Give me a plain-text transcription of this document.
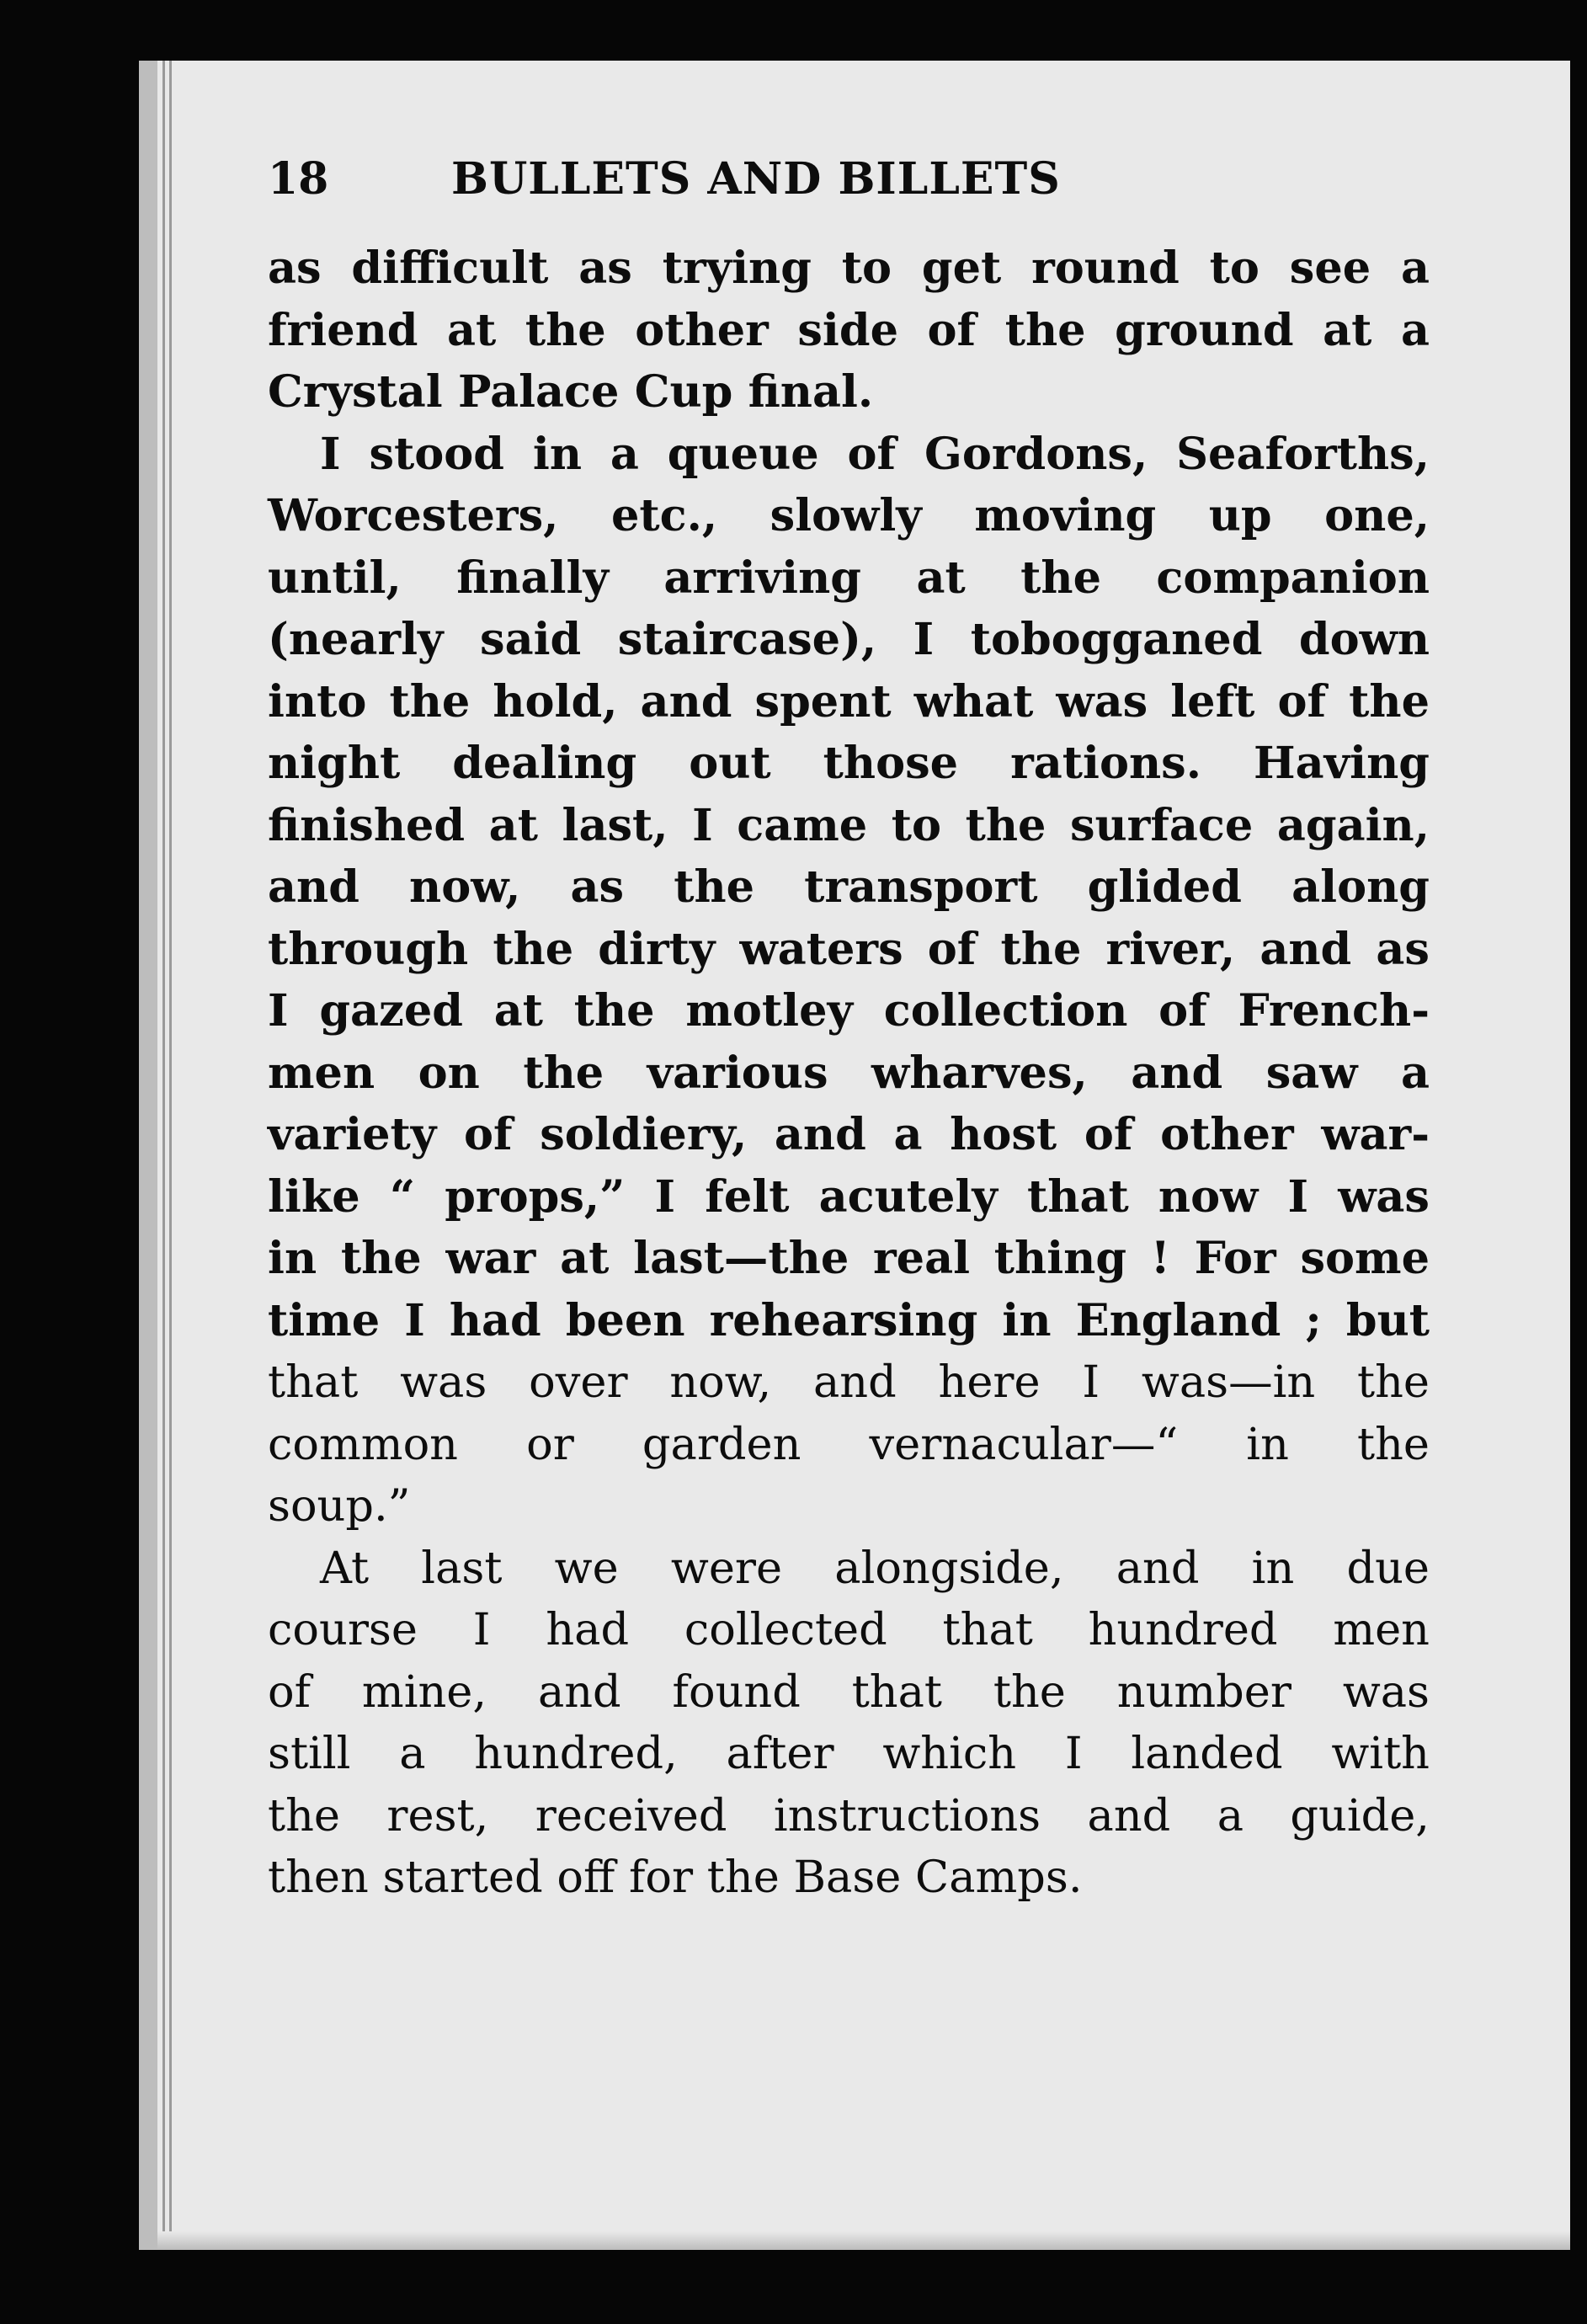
18	BULLETS AND BILLETS
as difficult as trying to get round to see a
friend at the other side of the ground at a
Crystal Palace Cup final.
I stood in a queue of Gordons, Seaforths,
Worcesters, etc., slowly moving up one,
until, finally arriving at the companion
(nearly said staircase), I tobogganed down
into the hold, and spent what was left of the
night dealing out those rations. Having
finished at last, I came to the surface again,
and now, as the transport glided along
through the dirty waters of the river, and as
I gazed at the motley collection of French-
men on the various wharves, and saw a
variety of soldiery, and a host of other war-
like “ props,” I felt acutely that now I was
in the war at last—the real thing ! For some
time I had been rehearsing in England ; but
that was over now, and here I was—in the
common or garden vernacular—“ in the
soup.”
At last we were alongside, and in due
course I had collected that hundred men
of mine, and found that the number was
still a hundred, after which I landed with
the rest, received instructions and a guide,
then started off for the Base Camps.
